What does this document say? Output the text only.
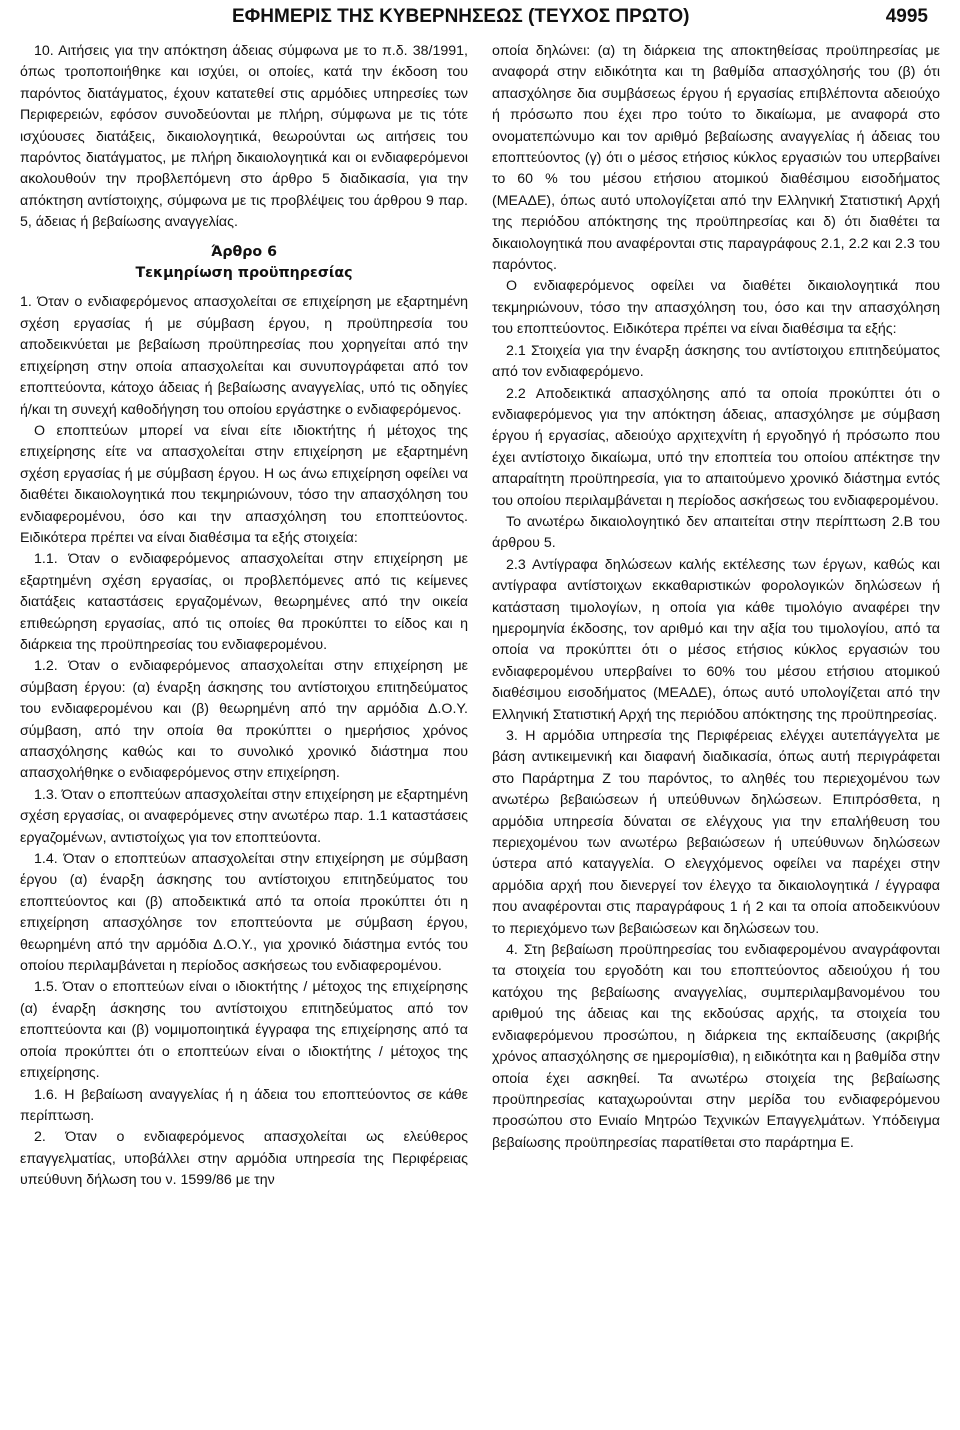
ΕΦΗΜΕΡΙΣ ΤΗΣ ΚΥΒΕΡΝΗΣΕΩΣ (ΤΕΥΧΟΣ ΠΡΩΤΟ)	4995

10. Αιτήσεις για την απόκτηση άδειας σύμφωνα με το π.δ. 38/1991, όπως τροποποιήθηκε και ισχύει, οι οποίες, κατά την έκδοση του παρόντος διατάγματος, έχουν κατατεθεί στις αρμόδιες υπηρεσίες των Περιφερειών, εφόσον συνοδεύονται με πλήρη, σύμφωνα με τις τότε ισχύουσες διατάξεις, δικαιολογητικά, θεωρούνται ως αιτήσεις του παρόντος διατάγματος, με πλήρη δικαιολογητικά και οι ενδιαφερόμενοι ακολουθούν την προβλεπόμενη στο άρθρο 5 διαδικασία, για την απόκτηση αντίστοιχης, σύμφωνα με τις προβλέψεις του άρθρου 9 παρ. 5, άδειας ή βεβαίωσης αναγγελίας.

Άρθρο 6
Τεκμηρίωση προϋπηρεσίας

1. Όταν ο ενδιαφερόμενος απασχολείται σε επιχείρηση με εξαρτημένη σχέση εργασίας ή με σύμβαση έργου, η προϋπηρεσία του αποδεικνύεται με βεβαίωση προϋπηρεσίας που χορηγείται από την επιχείρηση στην οποία απασχολείται και συνυπογράφεται από τον εποπτεύοντα, κάτοχο άδειας ή βεβαίωσης αναγγελίας, υπό τις οδηγίες ή/και τη συνεχή καθοδήγηση του οποίου εργάστηκε ο ενδιαφερόμενος.

Ο εποπτεύων μπορεί να είναι είτε ιδιοκτήτης ή μέτοχος της επιχείρησης είτε να απασχολείται στην επιχείρηση με εξαρτημένη σχέση εργασίας ή με σύμβαση έργου. Η ως άνω επιχείρηση οφείλει να διαθέτει δικαιολογητικά που τεκμηριώνουν, τόσο την απασχόληση του ενδιαφερομένου, όσο και την απασχόληση του εποπτεύοντος. Ειδικότερα πρέπει να είναι διαθέσιμα τα εξής στοιχεία:

1.1. Όταν ο ενδιαφερόμενος απασχολείται στην επιχείρηση με εξαρτημένη σχέση εργασίας, οι προβλεπόμενες από τις κείμενες διατάξεις καταστάσεις εργαζομένων, θεωρημένες από την οικεία επιθεώρηση εργασίας, από τις οποίες θα προκύπτει το είδος και η διάρκεια της προϋπηρεσίας του ενδιαφερομένου.

1.2. Όταν ο ενδιαφερόμενος απασχολείται στην επιχείρηση με σύμβαση έργου: (α) έναρξη άσκησης του αντίστοιχου επιτηδεύματος του ενδιαφερομένου και (β) θεωρημένη από την αρμόδια Δ.Ο.Υ. σύμβαση, από την οποία θα προκύπτει ο ημερήσιος χρόνος απασχόλησης καθώς και το συνολικό χρονικό διάστημα που απασχολήθηκε ο ενδιαφερόμενος στην επιχείρηση.

1.3. Όταν ο εποπτεύων απασχολείται στην επιχείρηση με εξαρτημένη σχέση εργασίας, οι αναφερόμενες στην ανωτέρω παρ. 1.1 καταστάσεις εργαζομένων, αντιστοίχως για τον εποπτεύοντα.

1.4. Όταν ο εποπτεύων απασχολείται στην επιχείρηση με σύμβαση έργου (α) έναρξη άσκησης του αντίστοιχου επιτηδεύματος του εποπτεύοντος και (β) αποδεικτικά από τα οποία προκύπτει ότι η επιχείρηση απασχόλησε τον εποπτεύοντα με σύμβαση έργου, θεωρημένη από την αρμόδια Δ.Ο.Υ., για χρονικό διάστημα εντός του οποίου περιλαμβάνεται η περίοδος ασκήσεως του ενδιαφερομένου.

1.5. Όταν ο εποπτεύων είναι ο ιδιοκτήτης / μέτοχος της επιχείρησης (α) έναρξη άσκησης του αντίστοιχου επιτηδεύματος από τον εποπτεύοντα και (β) νομιμοποιητικά έγγραφα της επιχείρησης από τα οποία προκύπτει ότι ο εποπτεύων είναι ο ιδιοκτήτης / μέτοχος της επιχείρησης.

1.6. Η βεβαίωση αναγγελίας ή η άδεια του εποπτεύοντος σε κάθε περίπτωση.

2. Όταν ο ενδιαφερόμενος απασχολείται ως ελεύθερος επαγγελματίας, υποβάλλει στην αρμόδια υπηρεσία της Περιφέρειας υπεύθυνη δήλωση του ν. 1599/86 με την

οποία δηλώνει: (α) τη διάρκεια της αποκτηθείσας προϋπηρεσίας με αναφορά στην ειδικότητα και τη βαθμίδα απασχόλησής του (β) ότι απασχόλησε δια συμβάσεως έργου ή εργασίας επιβλέποντα αδειούχο ή πρόσωπο που έχει προ τούτο το δικαίωμα, με αναφορά στο ονοματεπώνυμο και τον αριθμό βεβαίωσης αναγγελίας ή άδειας του εποπτεύοντος (γ) ότι ο μέσος ετήσιος κύκλος εργασιών του υπερβαίνει το 60 % του μέσου ετήσιου ατομικού διαθέσιμου εισοδήματος (ΜΕΑΔΕ), όπως αυτό υπολογίζεται από την Ελληνική Στατιστική Αρχή της περιόδου απόκτησης της προϋπηρεσίας και δ) ότι διαθέτει τα δικαιολογητικά που αναφέρονται στις παραγράφους 2.1, 2.2 και 2.3 του παρόντος.

Ο ενδιαφερόμενος οφείλει να διαθέτει δικαιολογητικά που τεκμηριώνουν, τόσο την απασχόληση του, όσο και την απασχόληση του εποπτεύοντος. Ειδικότερα πρέπει να είναι διαθέσιμα τα εξής:

2.1 Στοιχεία για την έναρξη άσκησης του αντίστοιχου επιτηδεύματος από τον ενδιαφερόμενο.

2.2 Αποδεικτικά απασχόλησης από τα οποία προκύπτει ότι ο ενδιαφερόμενος για την απόκτηση άδειας, απασχόλησε με σύμβαση έργου ή εργασίας, αδειούχο αρχιτεχνίτη ή εργοδηγό ή πρόσωπο που έχει αντίστοιχο δικαίωμα, υπό την εποπτεία του οποίου απέκτησε την απαραίτητη προϋπηρεσία, για το απαιτούμενο χρονικό διάστημα εντός του οποίου περιλαμβάνεται η περίοδος ασκήσεως του ενδιαφερομένου.

Το ανωτέρω δικαιολογητικό δεν απαιτείται στην περίπτωση 2.Β του άρθρου 5.

2.3 Αντίγραφα δηλώσεων καλής εκτέλεσης των έργων, καθώς και αντίγραφα αντίστοιχων εκκαθαριστικών φορολογικών δηλώσεων ή κατάσταση τιμολογίων, η οποία για κάθε τιμολόγιο αναφέρει την ημερομηνία έκδοσης, τον αριθμό και την αξία του τιμολογίου, από τα οποία να προκύπτει ότι ο μέσος ετήσιος κύκλος εργασιών του ενδιαφερομένου υπερβαίνει το 60% του μέσου ετήσιου ατομικού διαθέσιμου εισοδήματος (ΜΕΑΔΕ), όπως αυτό υπολογίζεται από την Ελληνική Στατιστική Αρχή της περιόδου απόκτησης της προϋπηρεσίας.

3. Η αρμόδια υπηρεσία της Περιφέρειας ελέγχει αυτεπάγγελτα με βάση αντικειμενική και διαφανή διαδικασία, όπως αυτή περιγράφεται στο Παράρτημα Ζ του παρόντος, το αληθές του περιεχομένου των ανωτέρω βεβαιώσεων ή υπεύθυνων δηλώσεων. Επιπρόσθετα, η αρμόδια υπηρεσία δύναται σε ελέγχους για την επαλήθευση του περιεχομένου των ανωτέρω βεβαιώσεων ή υπεύθυνων δηλώσεων ύστερα από καταγγελία. Ο ελεγχόμενος οφείλει να παρέχει στην αρμόδια αρχή που διενεργεί τον έλεγχο τα δικαιολογητικά / έγγραφα που αναφέρονται στις παραγράφους 1 ή 2 και τα οποία αποδεικνύουν το περιεχόμενο των βεβαιώσεων και δηλώσεων του.

4. Στη βεβαίωση προϋπηρεσίας του ενδιαφερομένου αναγράφονται τα στοιχεία του εργοδότη και του εποπτεύοντος αδειούχου ή του κατόχου της βεβαίωσης αναγγελίας, συμπεριλαμβανομένου του αριθμού της άδειας και της εκδούσας αρχής, τα στοιχεία του ενδιαφερόμενου προσώπου, η διάρκεια της εκπαίδευσης (ακριβής χρόνος απασχόλησης σε ημερομίσθια), η ειδικότητα και η βαθμίδα στην οποία έχει ασκηθεί. Τα ανωτέρω στοιχεία της βεβαίωσης προϋπηρεσίας καταχωρούνται στην μερίδα του ενδιαφερόμενου προσώπου στο Ενιαίο Μητρώο Τεχνικών Επαγγελμάτων. Υπόδειγμα βεβαίωσης προϋπηρεσίας παρατίθεται στο παράρτημα Ε.
